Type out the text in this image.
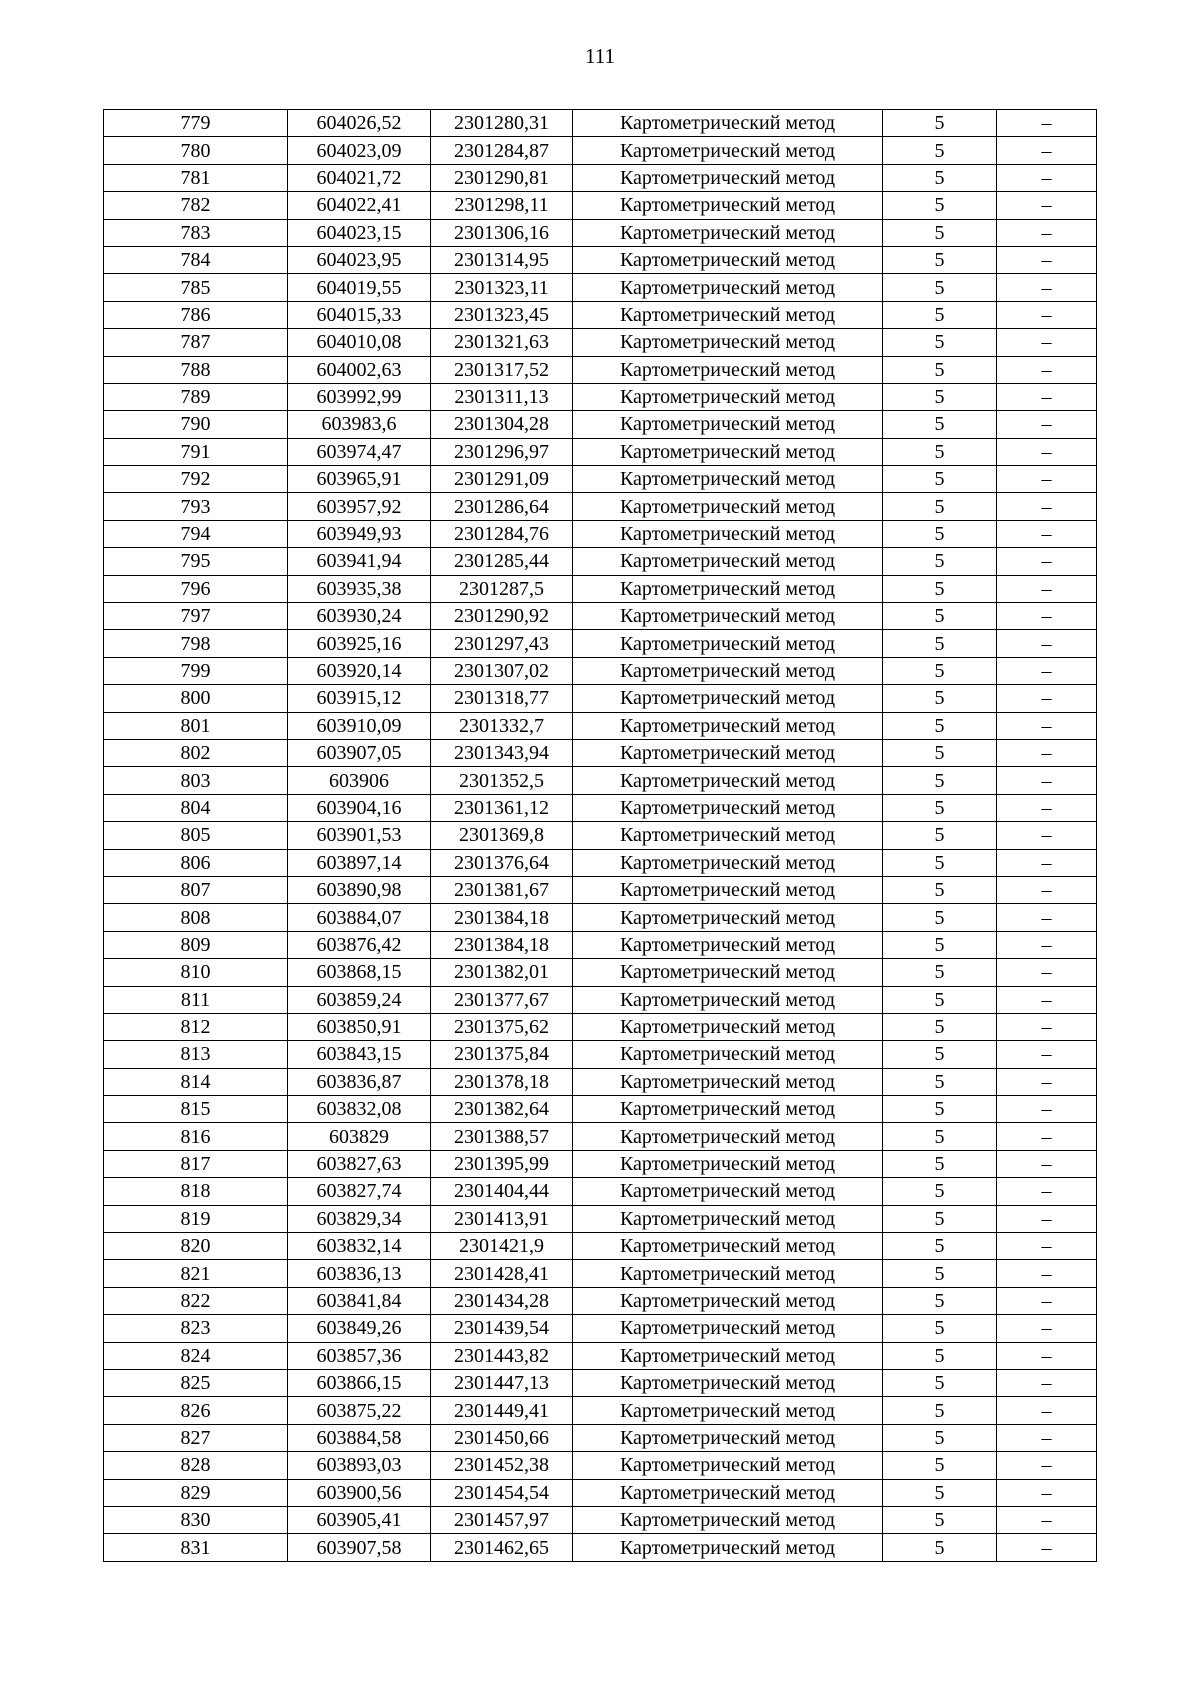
111
779	604026,52	2301280,31	Картометрический метод	5	–
780	604023,09	2301284,87	Картометрический метод	5	–
781	604021,72	2301290,81	Картометрический метод	5	–
782	604022,41	2301298,11	Картометрический метод	5	–
783	604023,15	2301306,16	Картометрический метод	5	–
784	604023,95	2301314,95	Картометрический метод	5	–
785	604019,55	2301323,11	Картометрический метод	5	–
786	604015,33	2301323,45	Картометрический метод	5	–
787	604010,08	2301321,63	Картометрический метод	5	–
788	604002,63	2301317,52	Картометрический метод	5	–
789	603992,99	2301311,13	Картометрический метод	5	–
790	603983,6	2301304,28	Картометрический метод	5	–
791	603974,47	2301296,97	Картометрический метод	5	–
792	603965,91	2301291,09	Картометрический метод	5	–
793	603957,92	2301286,64	Картометрический метод	5	–
794	603949,93	2301284,76	Картометрический метод	5	–
795	603941,94	2301285,44	Картометрический метод	5	–
796	603935,38	2301287,5	Картометрический метод	5	–
797	603930,24	2301290,92	Картометрический метод	5	–
798	603925,16	2301297,43	Картометрический метод	5	–
799	603920,14	2301307,02	Картометрический метод	5	–
800	603915,12	2301318,77	Картометрический метод	5	–
801	603910,09	2301332,7	Картометрический метод	5	–
802	603907,05	2301343,94	Картометрический метод	5	–
803	603906	2301352,5	Картометрический метод	5	–
804	603904,16	2301361,12	Картометрический метод	5	–
805	603901,53	2301369,8	Картометрический метод	5	–
806	603897,14	2301376,64	Картометрический метод	5	–
807	603890,98	2301381,67	Картометрический метод	5	–
808	603884,07	2301384,18	Картометрический метод	5	–
809	603876,42	2301384,18	Картометрический метод	5	–
810	603868,15	2301382,01	Картометрический метод	5	–
811	603859,24	2301377,67	Картометрический метод	5	–
812	603850,91	2301375,62	Картометрический метод	5	–
813	603843,15	2301375,84	Картометрический метод	5	–
814	603836,87	2301378,18	Картометрический метод	5	–
815	603832,08	2301382,64	Картометрический метод	5	–
816	603829	2301388,57	Картометрический метод	5	–
817	603827,63	2301395,99	Картометрический метод	5	–
818	603827,74	2301404,44	Картометрический метод	5	–
819	603829,34	2301413,91	Картометрический метод	5	–
820	603832,14	2301421,9	Картометрический метод	5	–
821	603836,13	2301428,41	Картометрический метод	5	–
822	603841,84	2301434,28	Картометрический метод	5	–
823	603849,26	2301439,54	Картометрический метод	5	–
824	603857,36	2301443,82	Картометрический метод	5	–
825	603866,15	2301447,13	Картометрический метод	5	–
826	603875,22	2301449,41	Картометрический метод	5	–
827	603884,58	2301450,66	Картометрический метод	5	–
828	603893,03	2301452,38	Картометрический метод	5	–
829	603900,56	2301454,54	Картометрический метод	5	–
830	603905,41	2301457,97	Картометрический метод	5	–
831	603907,58	2301462,65	Картометрический метод	5	–
